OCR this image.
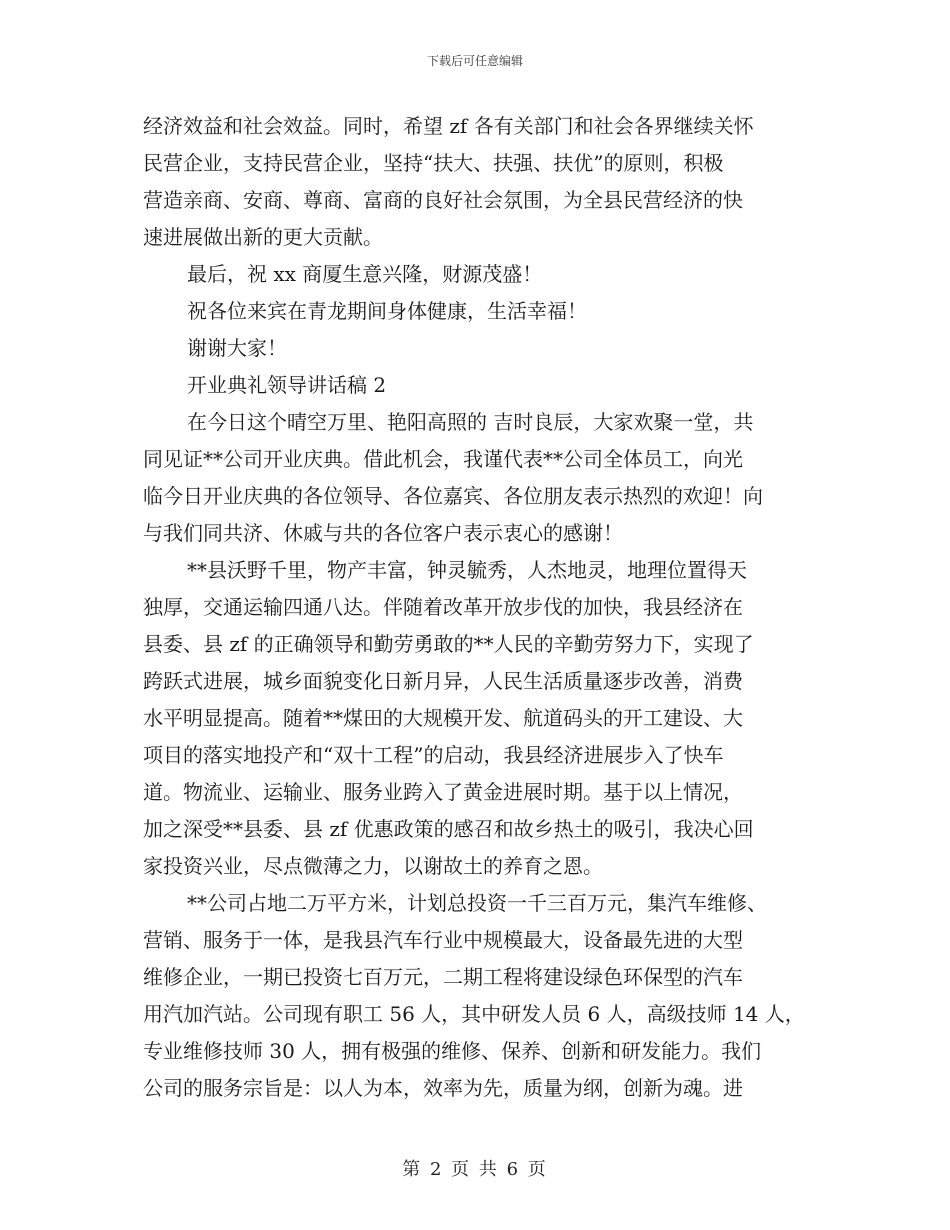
下载后可任意编辑
经济效益和社会效益。同时，希望 zf 各有关部门和社会各界继续关怀
民营企业，支持民营企业，坚持“扶大、扶强、扶优”的原则，积极
营造亲商、安商、尊商、富商的良好社会氛围，为全县民营经济的快
速进展做出新的更大贡献。
最后，祝 xx 商厦生意兴隆，财源茂盛！
祝各位来宾在青龙期间身体健康，生活幸福！
谢谢大家！
开业典礼领导讲话稿 2
在今日这个晴空万里、艳阳高照的 吉时良辰，大家欢聚一堂，共
同见证**公司开业庆典。借此机会，我谨代表**公司全体员工，向光
临今日开业庆典的各位领导、各位嘉宾、各位朋友表示热烈的欢迎！向
与我们同共济、休戚与共的各位客户表示衷心的感谢！
**县沃野千里，物产丰富，钟灵毓秀，人杰地灵，地理位置得天
独厚，交通运输四通八达。伴随着改革开放步伐的加快，我县经济在
县委、县 zf 的正确领导和勤劳勇敢的**人民的辛勤劳努力下，实现了
跨跃式进展，城乡面貌变化日新月异，人民生活质量逐步改善，消费
水平明显提高。随着**煤田的大规模开发、航道码头的开工建设、大
项目的落实地投产和“双十工程”的启动，我县经济进展步入了快车
道。物流业、运输业、服务业跨入了黄金进展时期。基于以上情况，
加之深受**县委、县 zf 优惠政策的感召和故乡热土的吸引，我决心回
家投资兴业，尽点微薄之力，以谢故土的养育之恩。
**公司占地二万平方米，计划总投资一千三百万元，集汽车维修、
营销、服务于一体，是我县汽车行业中规模最大，设备最先进的大型
维修企业，一期已投资七百万元，二期工程将建设绿色环保型的汽车
用汽加汽站。公司现有职工 56 人，其中研发人员 6 人，高级技师 14 人，
专业维修技师 30 人，拥有极强的维修、保养、创新和研发能力。我们
公司的服务宗旨是：以人为本，效率为先，质量为纲，创新为魂。进
第 2 页 共 6 页
